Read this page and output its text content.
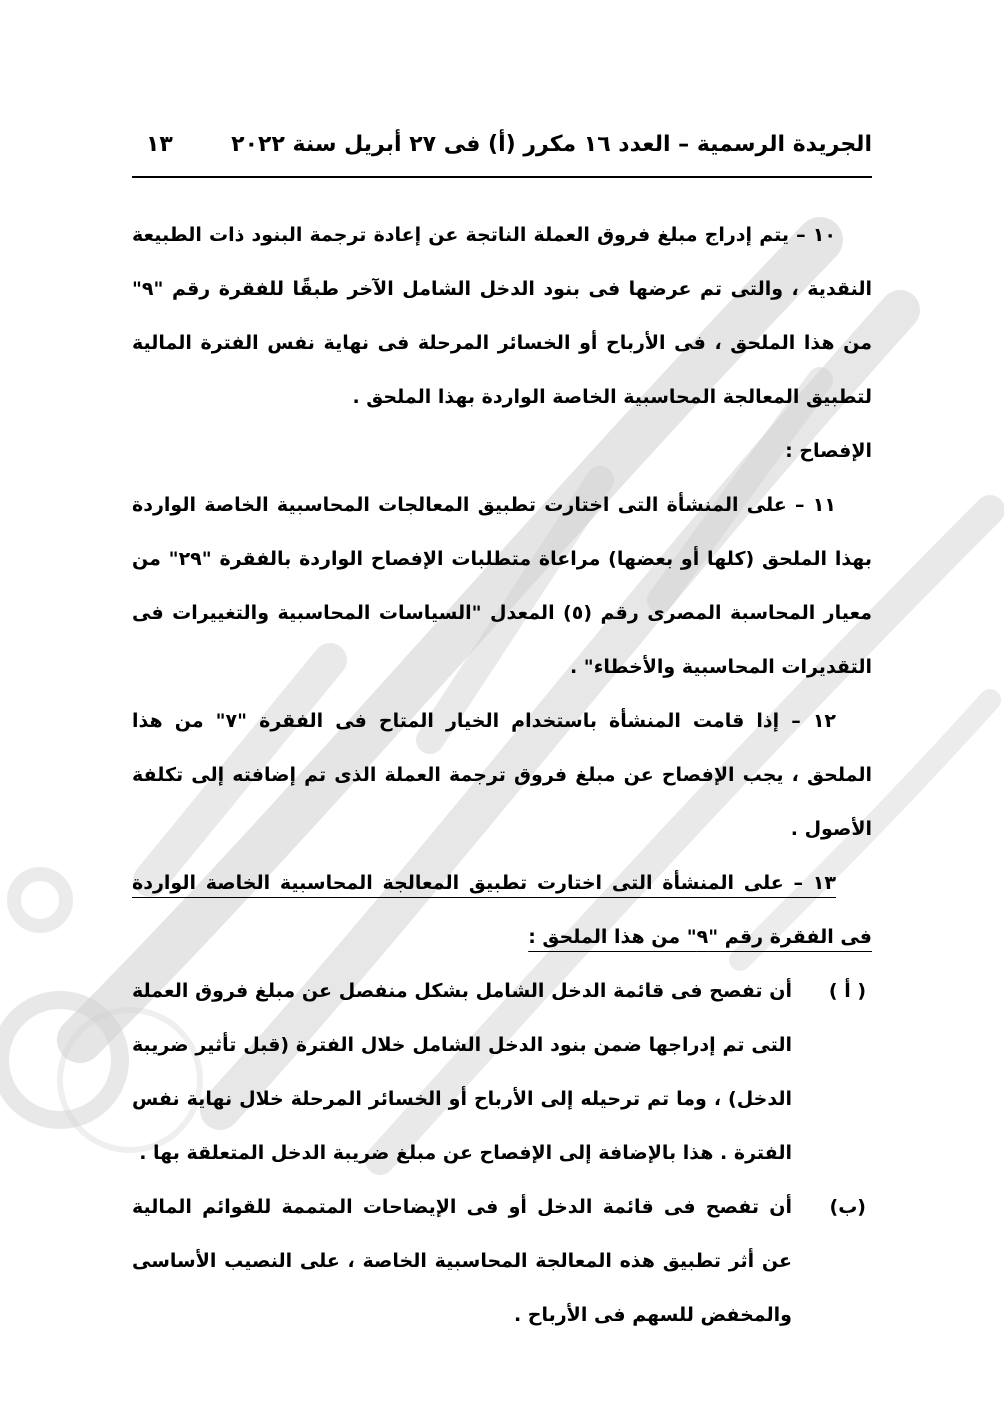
الجريدة الرسمية – العدد ١٦ مكرر (أ) فى ٢٧ أبريل سنة ٢٠٢٢
١٣

١٠ – يتم إدراج مبلغ فروق العملة الناتجة عن إعادة ترجمة البنود ذات الطبيعة النقدية ، والتى تم عرضها فى بنود الدخل الشامل الآخر طبقًا للفقرة رقم "٩" من هذا الملحق ، فى الأرباح أو الخسائر المرحلة فى نهاية نفس الفترة المالية لتطبيق المعالجة المحاسبية الخاصة الواردة بهذا الملحق .

الإفصاح :

١١ – على المنشأة التى اختارت تطبيق المعالجات المحاسبية الخاصة الواردة بهذا الملحق (كلها أو بعضها) مراعاة متطلبات الإفصاح الواردة بالفقرة "٢٩" من معيار المحاسبة المصرى رقم (٥) المعدل "السياسات المحاسبية والتغييرات فى التقديرات المحاسبية والأخطاء" .

١٢ – إذا قامت المنشأة باستخدام الخيار المتاح فى الفقرة "٧" من هذا الملحق ، يجب الإفصاح عن مبلغ فروق ترجمة العملة الذى تم إضافته إلى تكلفة الأصول .

١٣ – على المنشأة التى اختارت تطبيق المعالجة المحاسبية الخاصة الواردة فى الفقرة رقم "٩" من هذا الملحق :

( أ )
أن تفصح فى قائمة الدخل الشامل بشكل منفصل عن مبلغ فروق العملة التى تم إدراجها ضمن بنود الدخل الشامل خلال الفترة (قبل تأثير ضريبة الدخل) ، وما تم ترحيله إلى الأرباح أو الخسائر المرحلة خلال نهاية نفس الفترة . هذا بالإضافة إلى الإفصاح عن مبلغ ضريبة الدخل المتعلقة بها .
(ب)
أن تفصح فى قائمة الدخل أو فى الإيضاحات المتممة للقوائم المالية عن أثر تطبيق هذه المعالجة المحاسبية الخاصة ، على النصيب الأساسى والمخفض للسهم فى الأرباح .
